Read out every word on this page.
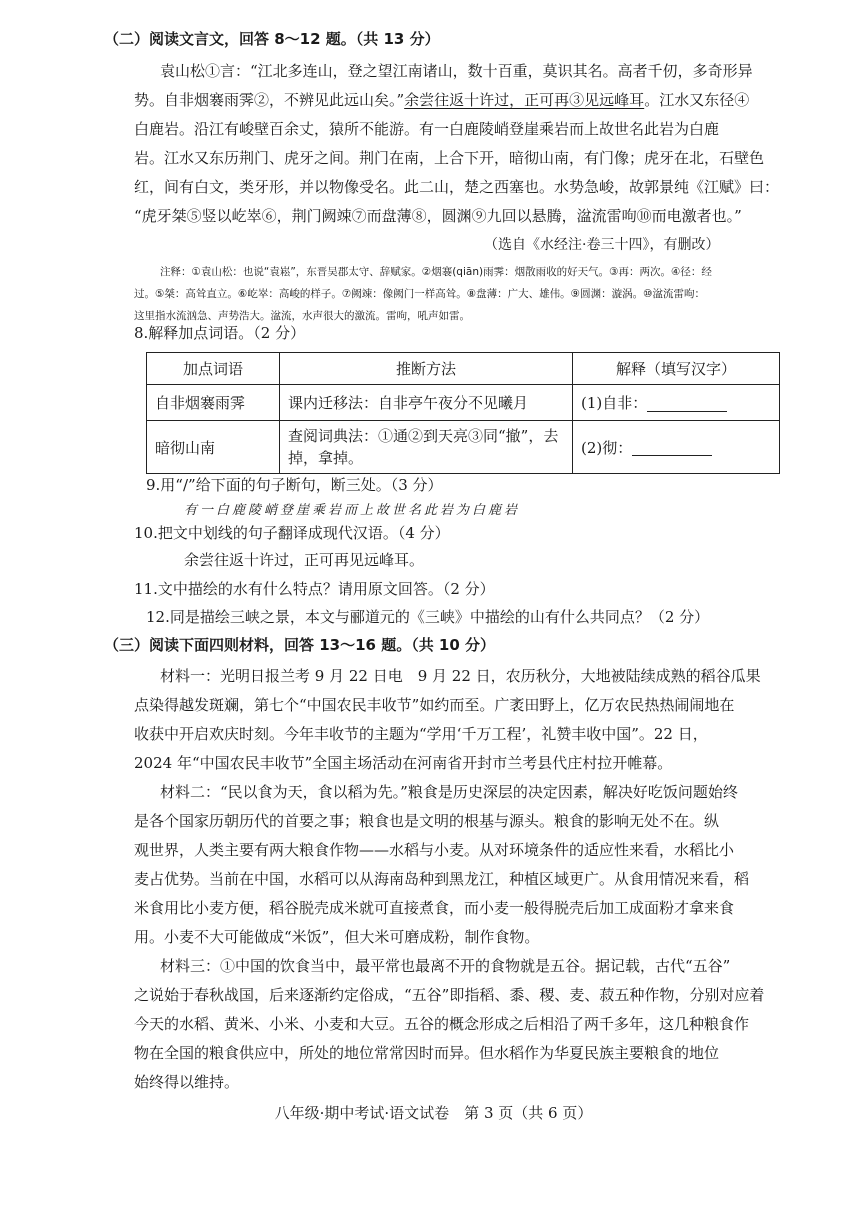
（二）阅读文言文，回答 8～12 题。（共 13 分）
袁山松①言：“江北多连山，登之望江南诸山，数十百重，莫识其名。高者千仞，多奇形异
势。自非烟褰雨霁②，不辨见此远山矣。”余尝往返十许过，正可再③见远峰耳。江水又东径④
白鹿岩。沿江有峻壁百余丈，猿所不能游。有一白鹿陵峭登崖乘岩而上故世名此岩为白鹿
岩。江水又东历荆门、虎牙之间。荆门在南，上合下开，暗彻山南，有门像；虎牙在北，石壁色
红，间有白文，类牙形，并以物像受名。此二山，楚之西塞也。水势急峻，故郭景纯《江赋》曰：
“虎牙桀⑤竖以屹崒⑥，荆门阙竦⑦而盘薄⑧，圆渊⑨九回以悬腾，湓流雷呴⑩而电激者也。”
（选自《水经注·卷三十四》，有删改）
注释：①袁山松：也说“袁崧”，东晋吴郡太守、辞赋家。②烟褰(qiān)雨霁：烟散雨收的好天气。③再：两次。④径：经
过。⑤桀：高耸直立。⑥屹崒：高峻的样子。⑦阙竦：像阙门一样高耸。⑧盘薄：广大、雄伟。⑨圆渊：漩涡。⑩湓流雷呴：
这里指水流汹急、声势浩大。湓流，水声很大的激流。雷呴，吼声如雷。
8.解释加点词语。（2 分）
加点词语	推断方法	解释（填写汉字）
自非烟褰雨霁	课内迁移法：自非亭午夜分不见曦月	(1)自非：
暗彻山南	查阅词典法：①通②到天亮③同“撤”，去掉，拿掉。	(2)彻：
9.用“/”给下面的句子断句，断三处。（3 分）
有一白鹿陵峭登崖乘岩而上故世名此岩为白鹿岩
10.把文中划线的句子翻译成现代汉语。（4 分）
余尝往返十许过，正可再见远峰耳。
11.文中描绘的水有什么特点？请用原文回答。（2 分）
12.同是描绘三峡之景，本文与郦道元的《三峡》中描绘的山有什么共同点？（2 分）
（三）阅读下面四则材料，回答 13～16 题。（共 10 分）
材料一：光明日报兰考 9 月 22 日电　9 月 22 日，农历秋分，大地被陆续成熟的稻谷瓜果
点染得越发斑斓，第七个“中国农民丰收节”如约而至。广袤田野上，亿万农民热热闹闹地在
收获中开启欢庆时刻。今年丰收节的主题为“学用‘千万工程’，礼赞丰收中国”。22 日，
2024 年“中国农民丰收节”全国主场活动在河南省开封市兰考县代庄村拉开帷幕。
材料二：“民以食为天，食以稻为先。”粮食是历史深层的决定因素，解决好吃饭问题始终
是各个国家历朝历代的首要之事；粮食也是文明的根基与源头。粮食的影响无处不在。纵
观世界，人类主要有两大粮食作物——水稻与小麦。从对环境条件的适应性来看，水稻比小
麦占优势。当前在中国，水稻可以从海南岛种到黑龙江，种植区域更广。从食用情况来看，稻
米食用比小麦方便，稻谷脱壳成米就可直接煮食，而小麦一般得脱壳后加工成面粉才拿来食
用。小麦不大可能做成“米饭”，但大米可磨成粉，制作食物。
材料三：①中国的饮食当中，最平常也最离不开的食物就是五谷。据记载，古代“五谷”
之说始于春秋战国，后来逐渐约定俗成，“五谷”即指稻、黍、稷、麦、菽五种作物，分别对应着
今天的水稻、黄米、小米、小麦和大豆。五谷的概念形成之后相沿了两千多年，这几种粮食作
物在全国的粮食供应中，所处的地位常常因时而异。但水稻作为华夏民族主要粮食的地位
始终得以维持。
八年级·期中考试·语文试卷　第 3 页（共 6 页）
